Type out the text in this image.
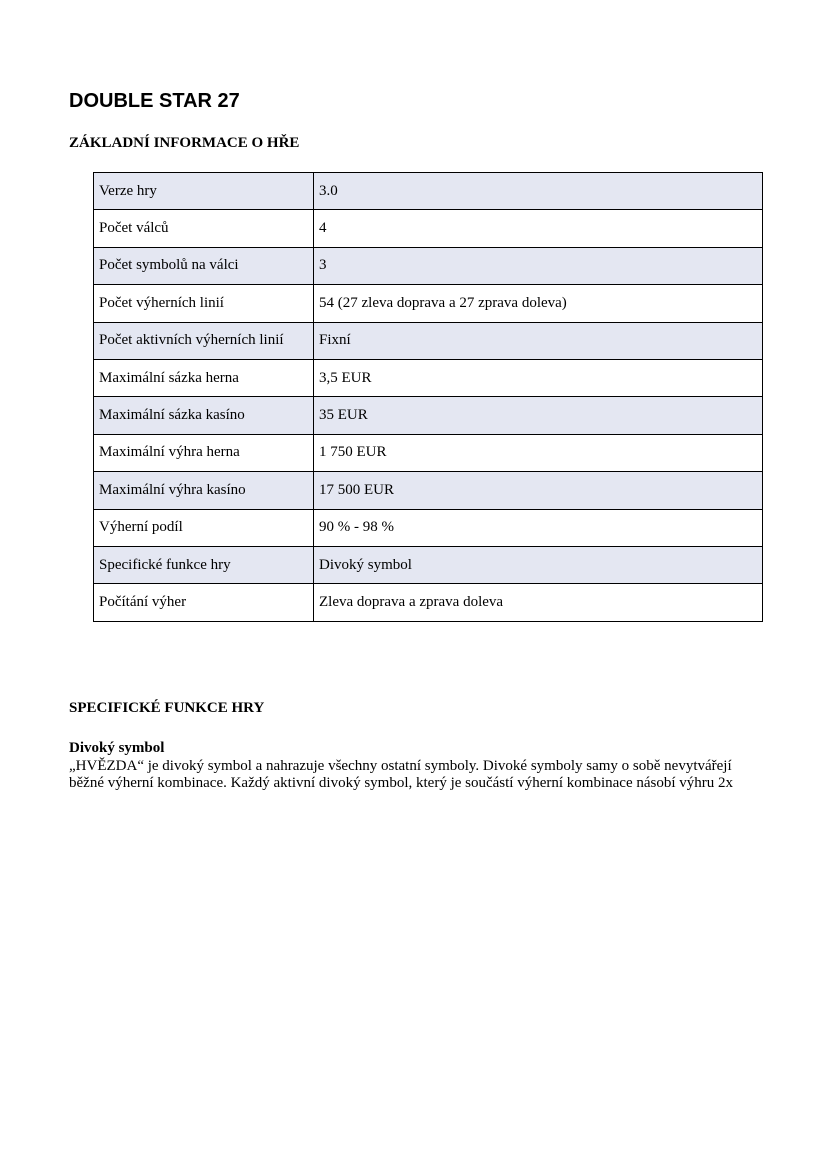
DOUBLE STAR 27
ZÁKLADNÍ INFORMACE O HŘE
Verze hry	3.0
Počet válců	4
Počet symbolů na válci	3
Počet výherních linií	54 (27 zleva doprava a 27 zprava doleva)
Počet aktivních výherních linií	Fixní
Maximální sázka herna	3,5 EUR
Maximální sázka kasíno	35 EUR
Maximální výhra herna	1 750 EUR
Maximální výhra kasíno	17 500 EUR
Výherní podíl	90 % - 98 %
Specifické funkce hry	Divoký symbol
Počítání výher	Zleva doprava a zprava doleva
SPECIFICKÉ FUNKCE HRY
Divoký symbol
„HVĚZDA“ je divoký symbol a nahrazuje všechny ostatní symboly. Divoké symboly samy o sobě nevytvářejí běžné výherní kombinace. Každý aktivní divoký symbol, který je součástí výherní kombinace násobí výhru 2x
